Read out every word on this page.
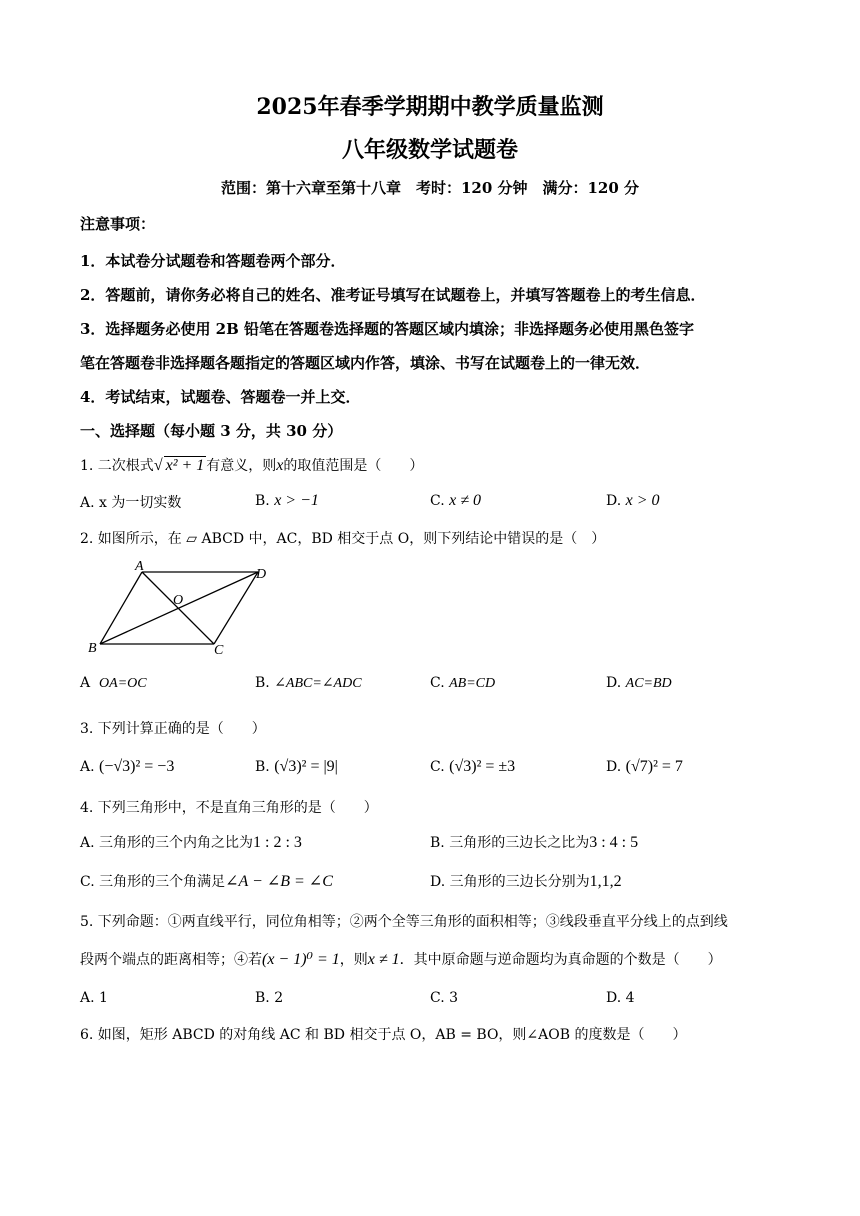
2025年春季学期期中教学质量监测
八年级数学试题卷
范围：第十六章至第十八章　考时：120 分钟　满分：120 分
注意事项：
1．本试卷分试题卷和答题卷两个部分．
2．答题前，请你务必将自己的姓名、准考证号填写在试题卷上，并填写答题卷上的考生信息．
3．选择题务必使用 2B 铅笔在答题卷选择题的答题区域内填涂；非选择题务必使用黑色签字
笔在答题卷非选择题各题指定的答题区域内作答，填涂、书写在试题卷上的一律无效．
4．考试结束，试题卷、答题卷一并上交．
一、选择题（每小题 3 分，共 30 分）
1. 二次根式√ x² + 1 有意义，则x的取值范围是（　　）
A. x 为一切实数	B. x > −1	C. x ≠ 0	D. x > 0
2. 如图所示，在 ▱ ABCD 中，AC，BD 相交于点 O，则下列结论中错误的是（　）
A
D
O
B	C
A OA=OC	B. ∠ABC=∠ADC	C. AB=CD	D. AC=BD
3. 下列计算正确的是（　　）
A. (−√3)² = −3	B. (√3)² = |9|	C. (√3)² = ±3	D. (√7)² = 7
4. 下列三角形中，不是直角三角形的是（　　）
A. 三角形的三个内角之比为1 : 2 : 3	B. 三角形的三边长之比为3 : 4 : 5
C. 三角形的三个角满足∠A − ∠B = ∠C	D. 三角形的三边长分别为1,1,2
5. 下列命题：①两直线平行，同位角相等；②两个全等三角形的面积相等；③线段垂直平分线上的点到线
段两个端点的距离相等；④若(x − 1)⁰ = 1，则x ≠ 1．其中原命题与逆命题均为真命题的个数是（　　）
A. 1	B. 2	C. 3	D. 4
6. 如图，矩形 ABCD 的对角线 AC 和 BD 相交于点 O，AB = BO，则∠AOB 的度数是（　　）
